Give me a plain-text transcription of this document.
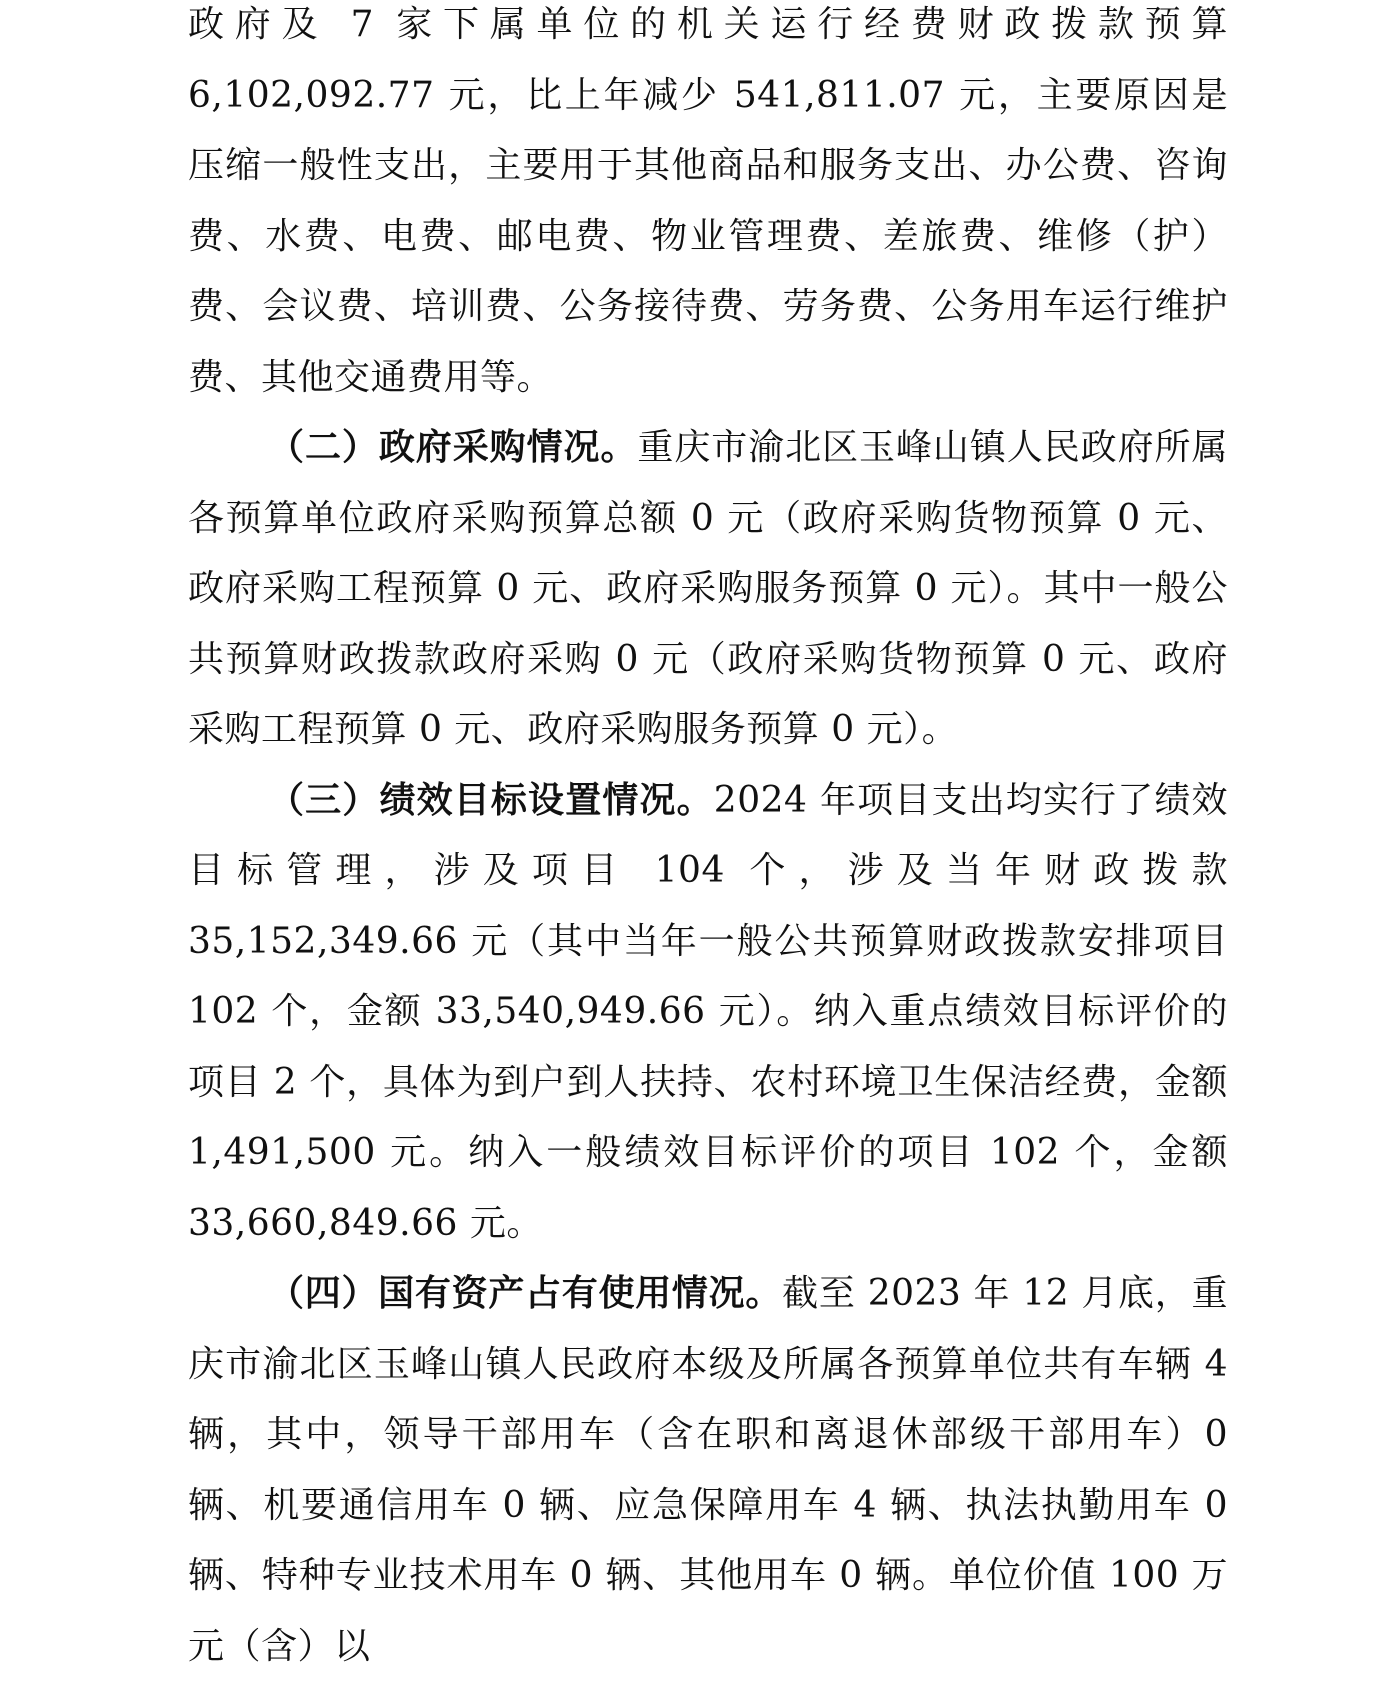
政府及 7 家下属单位的机关运行经费财政拨款预算 6,102,092.77 元，比上年减少 541,811.07 元，主要原因是压缩一般性支出，主要用于其他商品和服务支出、办公费、咨询费、水费、电费、邮电费、物业管理费、差旅费、维修（护）费、会议费、培训费、公务接待费、劳务费、公务用车运行维护费、其他交通费用等。

（二）政府采购情况。重庆市渝北区玉峰山镇人民政府所属各预算单位政府采购预算总额 0 元（政府采购货物预算 0 元、政府采购工程预算 0 元、政府采购服务预算 0 元）。其中一般公共预算财政拨款政府采购 0 元（政府采购货物预算 0 元、政府采购工程预算 0 元、政府采购服务预算 0 元）。

（三）绩效目标设置情况。2024 年项目支出均实行了绩效目标管理，涉及项目 104 个，涉及当年财政拨款 35,152,349.66 元（其中当年一般公共预算财政拨款安排项目 102 个，金额 33,540,949.66 元）。纳入重点绩效目标评价的项目 2 个，具体为到户到人扶持、农村环境卫生保洁经费，金额 1,491,500 元。纳入一般绩效目标评价的项目 102 个，金额 33,660,849.66 元。

（四）国有资产占有使用情况。截至 2023 年 12 月底，重庆市渝北区玉峰山镇人民政府本级及所属各预算单位共有车辆 4 辆，其中，领导干部用车（含在职和离退休部级干部用车）0 辆、机要通信用车 0 辆、应急保障用车 4 辆、执法执勤用车 0 辆、特种专业技术用车 0 辆、其他用车 0 辆。单位价值 100 万元（含）以
